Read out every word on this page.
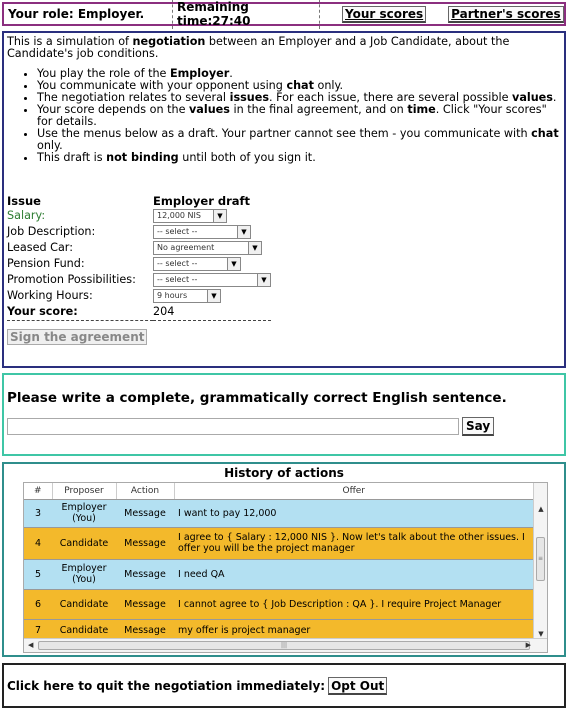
Your role: Employer.	Remaining time:27:40
Your scores Partner's scores

This is a simulation of negotiation between an Employer and a Job Candidate, about the Candidate's job conditions.

• You play the role of the Employer.
• You communicate with your opponent using chat only.
• The negotiation relates to several issues. For each issue, there are several possible values.
• Your score depends on the values in the final agreement, and on time. Click "Your scores" for details.
• Use the menus below as a draft. Your partner cannot see them - you communicate with chat only.
• This draft is not binding until both of you sign it.
Issue	Employer draft
Salary:	12,000 NIS ▼

Job Description:	-- select -- ▼

Leased Car:	No agreement ▼

Pension Fund:	-- select -- ▼

Promotion Possibilities:	-- select -- ▼

Working Hours:	9 hours ▼

Your score:	204
Sign the agreement
Please write a complete, grammatically correct English sentence.
Say
History of actions
#	Proposer	Action	Offer
3	Employer (You)	Message	I want to pay 12,000
4	Candidate	Message	I agree to { Salary : 12,000 NIS }. Now let's talk about the other issues. I offer you will be the project manager
5	Employer (You)	Message	I need QA
6	Candidate	Message	I cannot agree to { Job Description : QA }. I require Project Manager
7	Candidate	Message	my offer is project manager
▲
≡
▼
◀	|||	▶
Click here to quit the negotiation immediately: Opt Out
